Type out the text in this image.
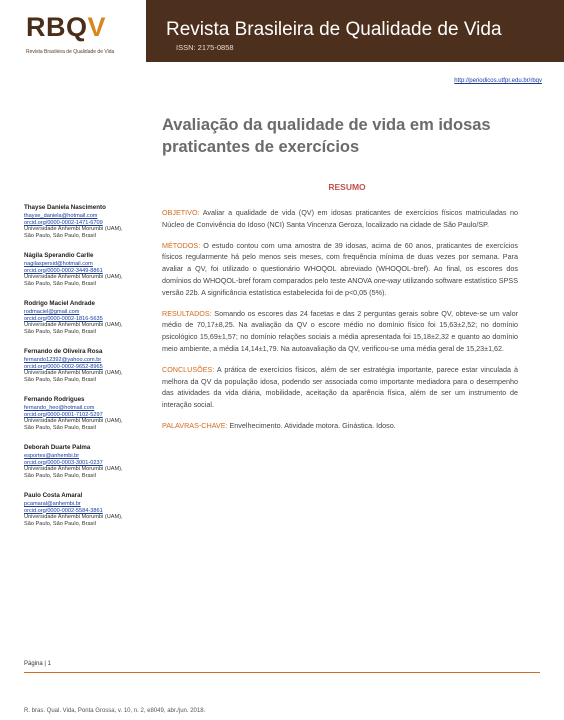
RBQV
Revista Brasileira de Qualidade de Vida
Revista Brasileira de Qualidade de Vida
ISSN: 2175-0858
http://periodicos.utfpr.edu.br/rbqv
Avaliação da qualidade de vida em idosas praticantes de exercícios
RESUMO

OBJETIVO: Avaliar a qualidade de vida (QV) em idosas praticantes de exercícios físicos matriculadas no Núcleo de Convivência do Idoso (NCI) Santa Vincenza Geroza, localizado na cidade de São Paulo/SP.

MÉTODOS: O estudo contou com uma amostra de 39 idosas, acima de 60 anos, praticantes de exercícios físicos regularmente há pelo menos seis meses, com frequência mínima de duas vezes por semana. Para avaliar a QV, foi utilizado o questionário WHOQOL abreviado (WHOQOL-bref). Ao final, os escores dos domínios do WHOQOL-bref foram comparados pelo teste ANOVA one-way utilizando software estatístico SPSS versão 22b. A significância estatística estabelecida foi de p<0,05 (5%).

RESULTADOS: Somando os escores das 24 facetas e das 2 perguntas gerais sobre QV, obteve-se um valor médio de 70,17±8,25. Na avaliação da QV o escore médio no domínio físico foi 15,63±2,52; no domínio psicológico 15,69±1,57; no domínio relações sociais a média apresentada foi 15,18±2,32 e quanto ao domínio meio ambiente, a média 14,14±1,79. Na autoavaliação da QV, verificou-se uma média geral de 15,23±1,62.

CONCLUSÕES: A prática de exercícios físicos, além de ser estratégia importante, parece estar vinculada à melhora da QV da população idosa, podendo ser associada como importante mediadora para o desempenho das atividades da vida diária, mobilidade, aceitação da aparência física, além de ser um instrumento de interação social.

PALAVRAS-CHAVE: Envelhecimento. Atividade motora. Ginástica. Idoso.

Thayse Daniela Nascimento
thayse_daniela@hotmail.com
orcid.org/0000-0002-1471-6709
Universidade Anhembi Morumbi (UAM),
São Paulo, São Paulo, Brasil
Nágila Sperandio Carlle
nagilaspersid@hotmail.com
orcid.org/0000-0002-3449-8861
Universidade Anhembi Morumbi (UAM),
São Paulo, São Paulo, Brasil
Rodrigo Maciel Andrade
rodmaciel@gmail.com
orcid.org/0000-0002-1816-5635
Universidade Anhembi Morumbi (UAM),
São Paulo, São Paulo, Brasil
Fernando de Oliveira Rosa
fernando12392@yahoo.com.br
orcid.org/0000-0002-9652-8965
Universidade Anhembi Morumbi (UAM),
São Paulo, São Paulo, Brasil
Fernando Rodrigues
fernando_heo@hotmail.com
orcid.org/0000-0001-7102-5297
Universidade Anhembi Morumbi (UAM),
São Paulo, São Paulo, Brasil
Deborah Duarte Palma
esportes@anhembi.br
orcid.org/0000-0003-3001-0237
Universidade Anhembi Morumbi (UAM),
São Paulo, São Paulo, Brasil
Paulo Costa Amaral
pcamaral@anhembi.br
orcid.org/0000-0002-5584-3861
Universidade Anhembi Morumbi (UAM),
São Paulo, São Paulo, Brasil
Página | 1
R. bras. Qual. Vida, Ponta Grossa, v. 10, n. 2, e8049, abr./jun. 2018.
